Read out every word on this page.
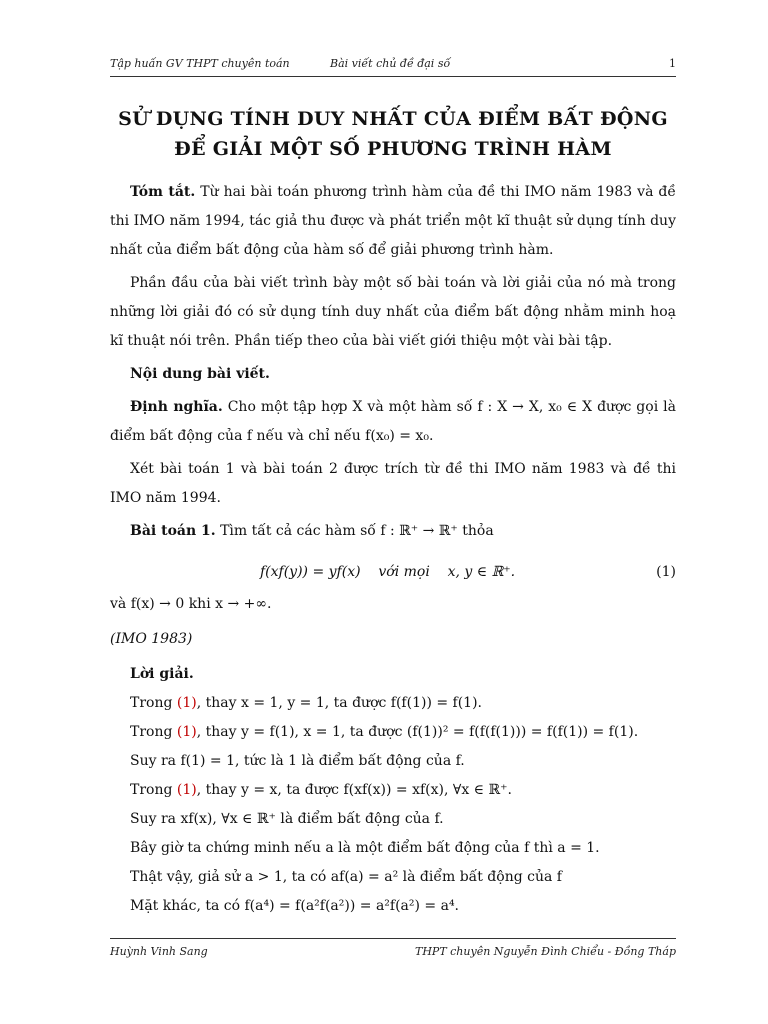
Tập huấn GV THPT chuyên toán	Bài viết chủ đề đại số	1
SỬ DỤNG TÍNH DUY NHẤT CỦA ĐIỂM BẤT ĐỘNG
ĐỂ GIẢI MỘT SỐ PHƯƠNG TRÌNH HÀM

Tóm tắt. Từ hai bài toán phương trình hàm của đề thi IMO năm 1983 và đề thi IMO năm 1994, tác giả thu được và phát triển một kĩ thuật sử dụng tính duy nhất của điểm bất động của hàm số để giải phương trình hàm.

Phần đầu của bài viết trình bày một số bài toán và lời giải của nó mà trong những lời giải đó có sử dụng tính duy nhất của điểm bất động nhằm minh hoạ kĩ thuật nói trên. Phần tiếp theo của bài viết giới thiệu một vài bài tập.

Nội dung bài viết.

Định nghĩa. Cho một tập hợp X và một hàm số f : X → X, x₀ ∈ X được gọi là điểm bất động của f nếu và chỉ nếu f(x₀) = x₀.

Xét bài toán 1 và bài toán 2 được trích từ đề thi IMO năm 1983 và đề thi IMO năm 1994.

Bài toán 1. Tìm tất cả các hàm số f : ℝ⁺ → ℝ⁺ thỏa

f(xf(y)) = yf(x)    với mọi    x, y ∈ ℝ⁺.	(1)

và f(x) → 0 khi x → +∞.

(IMO 1983)

Lời giải.

Trong (1), thay x = 1, y = 1, ta được f(f(1)) = f(1).

Trong (1), thay y = f(1), x = 1, ta được (f(1))² = f(f(f(1))) = f(f(1)) = f(1).

Suy ra f(1) = 1, tức là 1 là điểm bất động của f.

Trong (1), thay y = x, ta được f(xf(x)) = xf(x), ∀x ∈ ℝ⁺.

Suy ra xf(x), ∀x ∈ ℝ⁺ là điểm bất động của f.

Bây giờ ta chứng minh nếu a là một điểm bất động của f thì a = 1.

Thật vậy, giả sử a > 1, ta có af(a) = a² là điểm bất động của f

Mặt khác, ta có f(a⁴) = f(a²f(a²)) = a²f(a²) = a⁴.

Huỳnh Vinh Sang	THPT chuyên Nguyễn Đình Chiểu - Đồng Tháp
